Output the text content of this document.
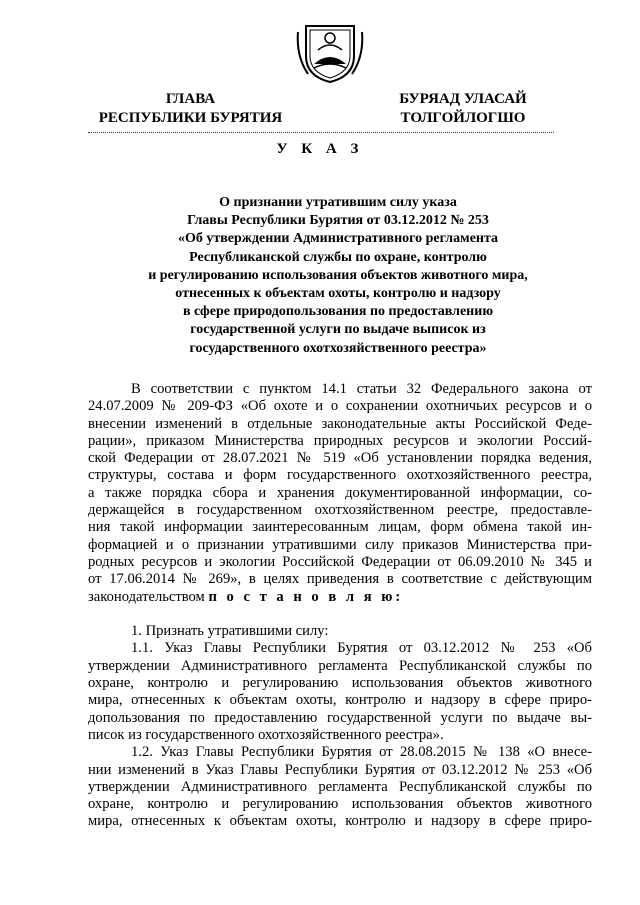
ГЛАВА
РЕСПУБЛИКИ БУРЯТИЯ
БУРЯАД УЛАСАЙ
ТОЛГОЙЛОГШО
У К А З
О признании утратившим силу указа
Главы Республики Бурятия от 03.12.2012 № 253
«Об утверждении Административного регламента
Республиканской службы по охране, контролю
и регулированию использования объектов животного мира,
отнесенных к объектам охоты, контролю и надзору
в сфере природопользования по предоставлению
государственной услуги по выдаче выписок из
государственного охотхозяйственного реестра»
В соответствии с пунктом 14.1 статьи 32 Федерального закона от
24.07.2009 № 209-ФЗ «Об охоте и о сохранении охотничьих ресурсов и о
внесении изменений в отдельные законодательные акты Российской Феде-
рации», приказом Министерства природных ресурсов и экологии Россий-
ской Федерации от 28.07.2021 № 519 «Об установлении порядка ведения,
структуры, состава и форм государственного охотхозяйственного реестра,
а также порядка сбора и хранения документированной информации, со-
держащейся в государственном охотхозяйственном реестре, предоставле-
ния такой информации заинтересованным лицам, форм обмена такой ин-
формацией и о признании утратившими силу приказов Министерства при-
родных ресурсов и экологии Российской Федерации от 06.09.2010 № 345 и
от 17.06.2014 № 269», в целях приведения в соответствие с действующим
законодательством п о с т а н о в л я ю:
1. Признать утратившими силу:
1.1. Указ Главы Республики Бурятия от 03.12.2012 № 253 «Об
утверждении Административного регламента Республиканской службы по
охране, контролю и регулированию использования объектов животного
мира, отнесенных к объектам охоты, контролю и надзору в сфере приро-
допользования по предоставлению государственной услуги по выдаче вы-
писок из государственного охотхозяйственного реестра».
1.2. Указ Главы Республики Бурятия от 28.08.2015 № 138 «О внесе-
нии изменений в Указ Главы Республики Бурятия от 03.12.2012 № 253 «Об
утверждении Административного регламента Республиканской службы по
охране, контролю и регулированию использования объектов животного
мира, отнесенных к объектам охоты, контролю и надзору в сфере приро-
